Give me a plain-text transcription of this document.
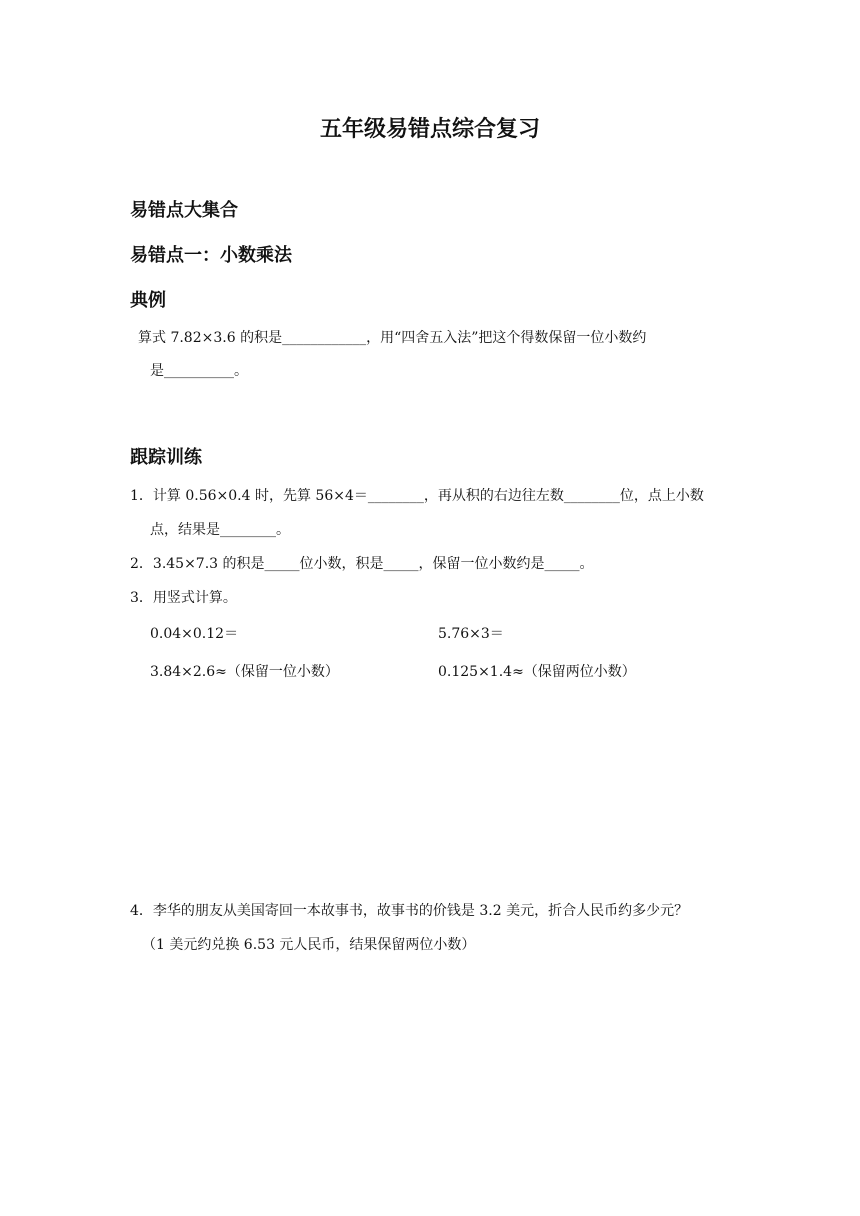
五年级易错点综合复习
易错点大集合
易错点一：小数乘法
典例
算式 7.82×3.6 的积是____________，用“四舍五入法”把这个得数保留一位小数约
是__________。
跟踪训练
1．计算 0.56×0.4 时，先算 56×4＝________，再从积的右边往左数________位，点上小数
点，结果是________。
2．3.45×7.3 的积是_____位小数，积是_____，保留一位小数约是_____。
3．用竖式计算。
0.04×0.12＝	5.76×3＝
3.84×2.6≈（保留一位小数）	0.125×1.4≈（保留两位小数）
4．李华的朋友从美国寄回一本故事书，故事书的价钱是 3.2 美元，折合人民币约多少元？
（1 美元约兑换 6.53 元人民币，结果保留两位小数）
